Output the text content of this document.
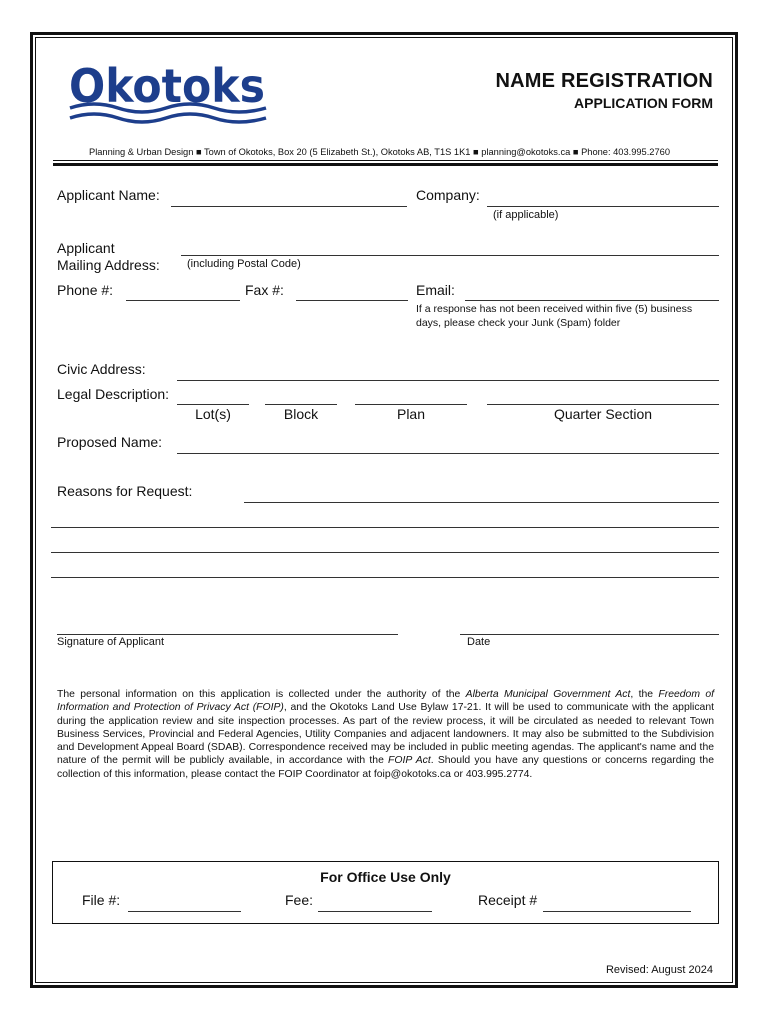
Okotoks	NAME REGISTRATION
APPLICATION FORM
Planning & Urban Design ■ Town of Okotoks, Box 20 (5 Elizabeth St.), Okotoks AB, T1S 1K1 ■ planning@okotoks.ca ■ Phone: 403.995.2760
Applicant Name:	Company:
(if applicable)
Applicant
Mailing Address: (including Postal Code)
Phone #:	Fax #:	Email:
If a response has not been received within five (5) business days, please check your Junk (Spam) folder
Civic Address:
Legal Description:
Lot(s)	Block	Plan	Quarter Section
Proposed Name:
Reasons for Request:
Signature of Applicant	Date
The personal information on this application is collected under the authority of the Alberta Municipal Government Act, the Freedom of Information and Protection of Privacy Act (FOIP), and the Okotoks Land Use Bylaw 17-21. It will be used to communicate with the applicant during the application review and site inspection processes. As part of the review process, it will be circulated as needed to relevant Town Business Services, Provincial and Federal Agencies, Utility Companies and adjacent landowners. It may also be submitted to the Subdivision and Development Appeal Board (SDAB). Correspondence received may be included in public meeting agendas. The applicant's name and the nature of the permit will be publicly available, in accordance with the FOIP Act. Should you have any questions or concerns regarding the collection of this information, please contact the FOIP Coordinator at foip@okotoks.ca or 403.995.2774.
For Office Use Only
File #:	Fee:	Receipt #
Revised: August 2024
